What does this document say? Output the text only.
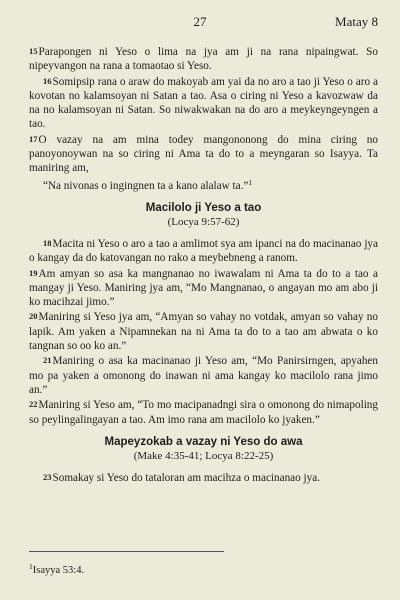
27	Matay 8

15Parapongen ni Yeso o lima na jya am ji na rana nipaingwat. So nipeyvangon na rana a tomaotao si Yeso.

16Somipsip rana o araw do makoyab am yai da no aro a tao ji Yeso o aro a kovotan no kalamsoyan ni Satan a tao. Asa o ciring ni Yeso a kavozwaw da na no kalamsoyan ni Satan. So niwakwakan na do aro a meykeyngeyngen a tao.

17O vazay na am mina todey mangononong do mina ciring no panoyonoywan na so ciring ni Ama ta do to a meyngaran so Isayya. Ta maniring am,

“Na nivonas o ingingnen ta a kano alalaw ta.”$^1$

Macilolo ji Yeso a tao
(Locya 9:57-62)

18Macita ni Yeso o aro a tao a amlimot sya am ipanci na do macinanao jya o kangay da do katovangan no rako a meybebneng a ranom.

19Am amyan so asa ka mangnanao no iwawalam ni Ama ta do to a tao a mangay ji Yeso. Maniring jya am, “Mo Mangnanao, o angayan mo am abo ji ko macihzai jimo.”

20Maniring si Yeso jya am, “Amyan so vahay no votdak, amyan so vahay no lapik. Am yaken a Nipamnekan na ni Ama ta do to a tao am abwata o ko tangnan so oo ko an.”

21Maniring o asa ka macinanao ji Yeso am, “Mo Panirsirngen, apyahen mo pa yaken a omonong do inawan ni ama kangay ko macilolo rana jimo an.”

22Maniring si Yeso am, “To mo macipanadngi sira o omonong do nimapoling so peylingalingayan a tao. Am imo rana am macilolo ko jyaken.”

Mapeyzokab a vazay ni Yeso do awa
(Make 4:35-41; Locya 8:22-25)

23Somakay si Yeso do tataloran am macihza o macinanao jya.

$^1$Isayya 53:4.
